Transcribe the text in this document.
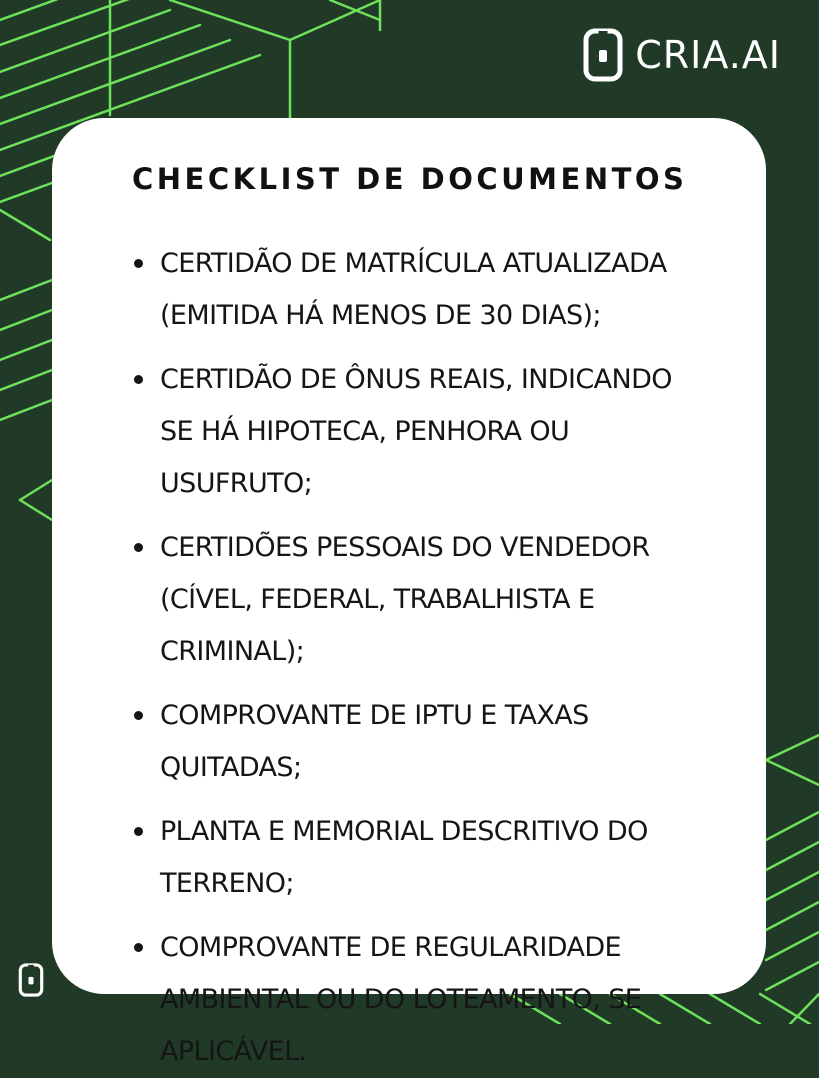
CRIA.AI
CHECKLIST DE DOCUMENTOS
CERTIDÃO DE MATRÍCULA ATUALIZADA (EMITIDA HÁ MENOS DE 30 DIAS);
CERTIDÃO DE ÔNUS REAIS, INDICANDO SE HÁ HIPOTECA, PENHORA OU USUFRUTO;
CERTIDÕES PESSOAIS DO VENDEDOR (CÍVEL, FEDERAL, TRABALHISTA E CRIMINAL);
COMPROVANTE DE IPTU E TAXAS QUITADAS;
PLANTA E MEMORIAL DESCRITIVO DO TERRENO;
COMPROVANTE DE REGULARIDADE AMBIENTAL OU DO LOTEAMENTO, SE APLICÁVEL.
